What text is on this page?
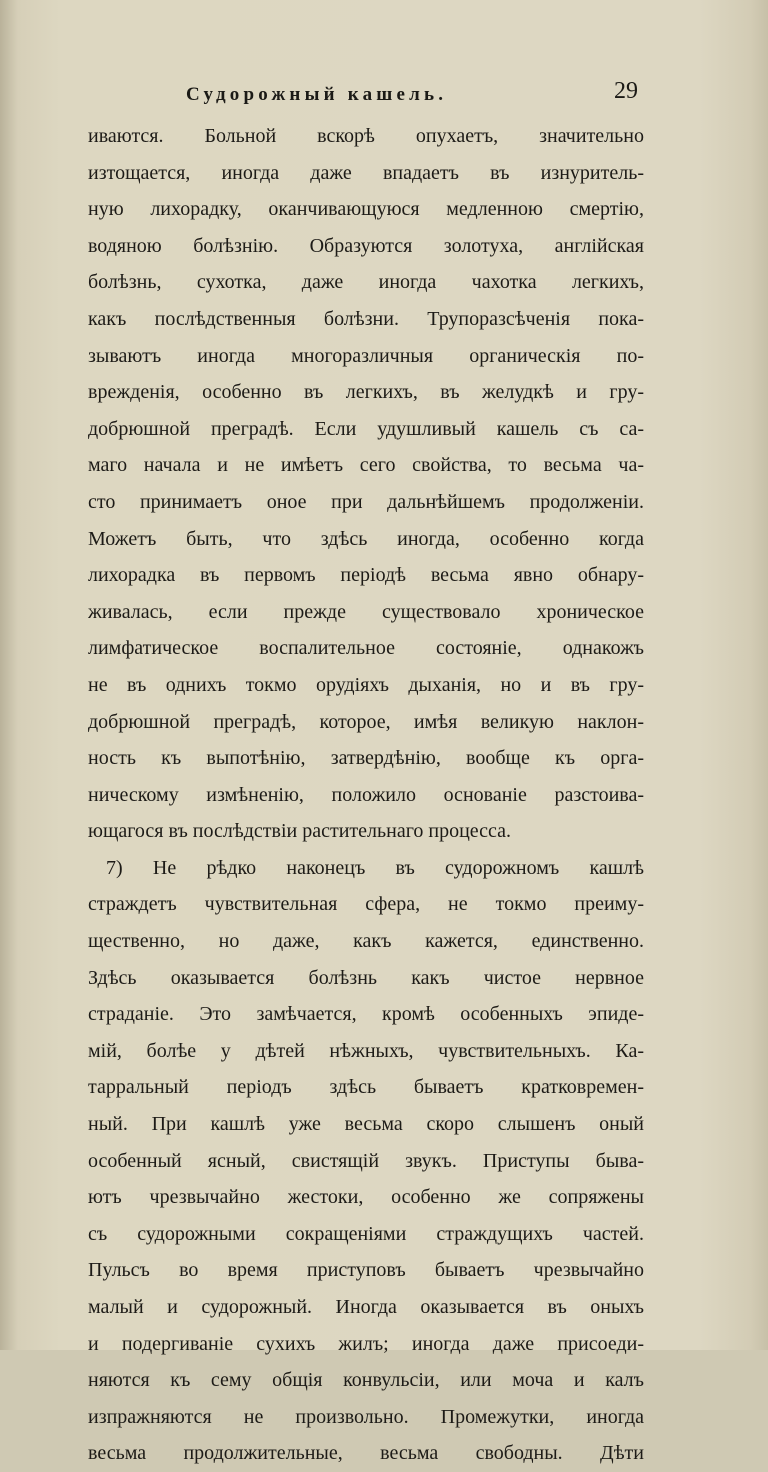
Судорожный кашель.	29
иваются. Больной вскорѣ опухаетъ, значительно
изтощается, иногда даже впадаетъ въ изнуритель-
ную лихорадку, оканчивающуюся медленною смертію,
водяною болѣзнію. Образуются золотуха, англійская
болѣзнь, сухотка, даже иногда чахотка легкихъ,
какъ послѣдственныя болѣзни. Трупоразсѣченія пока-
зываютъ иногда многоразличныя органическія по-
врежденія, особенно въ легкихъ, въ желудкѣ и гру-
добрюшной преградѣ. Если удушливый кашель съ са-
маго начала и не имѣетъ сего свойства, то весьма ча-
сто принимаетъ оное при дальнѣйшемъ продолженіи.
Можетъ быть, что здѣсь иногда, особенно когда
лихорадка въ первомъ періодѣ весьма явно обнару-
живалась, если прежде существовало хроническое
лимфатическое воспалительное состояніе, однакожъ
не въ однихъ токмо орудіяхъ дыханія, но и въ гру-
добрюшной преградѣ, которое, имѣя великую наклон-
ность къ выпотѣнію, затвердѣнію, вообще къ орга-
ническому измѣненію, положило основаніе разстоива-
ющагося въ послѣдствіи растительнаго процесса.
7) Не рѣдко наконецъ въ судорожномъ кашлѣ
страждетъ чувствительная сфера, не токмо преиму-
щественно, но даже, какъ кажется, единственно.
Здѣсь оказывается болѣзнь какъ чистое нервное
страданіе. Это замѣчается, кромѣ особенныхъ эпиде-
мій, болѣе у дѣтей нѣжныхъ, чувствительныхъ. Ка-
тарральный періодъ здѣсь бываетъ кратковремен-
ный. При кашлѣ уже весьма скоро слышенъ оный
особенный ясный, свистящій звукъ. Приступы быва-
ютъ чрезвычайно жестоки, особенно же сопряжены
съ судорожными сокращеніями страждущихъ частей.
Пульсъ во время приступовъ бываетъ чрезвычайно
малый и судорожный. Иногда оказывается въ оныхъ
и подергиваніе сухихъ жилъ; иногда даже присоеди-
няются къ сему общія конвульсіи, или моча и калъ
изпражняются не произвольно. Промежутки, иногда
весьма продолжительные, весьма свободны. Дѣти
